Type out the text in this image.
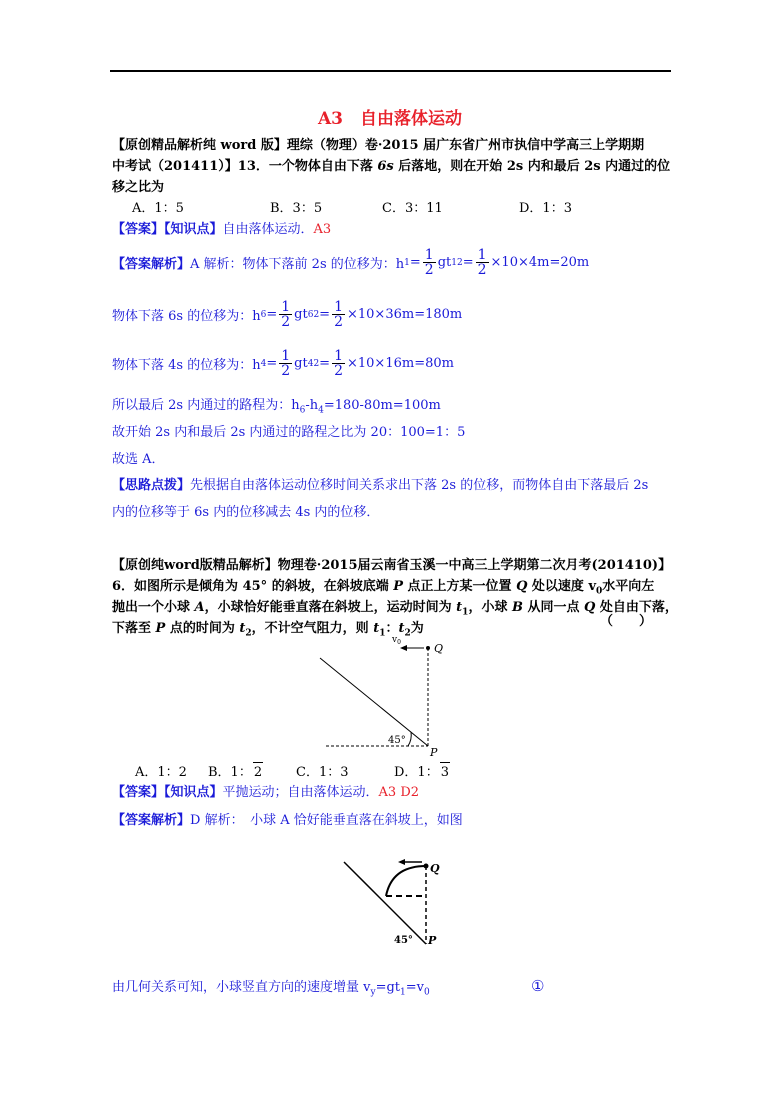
A3　自由落体运动
【原创精品解析纯 word 版】理综（物理）卷·2015 届广东省广州市执信中学高三上学期期
中考试（201411）】13．一个物体自由下落 6s 后落地，则在开始 2s 内和最后 2s 内通过的位
移之比为
A．1：5	B．3：5	C．3：11	D．1：3
【答案】【知识点】自由落体运动．A3
【答案解析】 A 解析：物体下落前 2s 的位移为：h $1 = \frac{1}{2}$ gt 1 $2 = \frac{1}{2} \times 10\times 4m=20m$
物体下落 6s 的位移为：h $6 = \frac{1}{2}$ gt 6 $2 = \frac{1}{2} \times 10\times 36m=180m$
物体下落 4s 的位移为：h $4 = \frac{1}{2}$ gt 4 $2 = \frac{1}{2} \times 10\times 16m=80m$
所以最后 2s 内通过的路程为：$h_6-h_4=180-80m=100m$
故开始 2s 内和最后 2s 内通过的路程之比为 20：100=1：5
故选 A．
【思路点拨】先根据自由落体运动位移时间关系求出下落 2s 的位移，而物体自由下落最后 2s
内的位移等于 6s 内的位移减去 4s 内的位移．
【原创纯word版精品解析】物理卷·2015届云南省玉溪一中高三上学期第二次月考(201410)】
6．如图所示是倾角为 45° 的斜坡，在斜坡底端 P 点正上方某一位置 Q 处以速度 $v_0$水平向左
抛出一个小球 A，小球恰好能垂直落在斜坡上，运动时间为 $t_1$，小球 B 从同一点 Q 处自由下落，
下落至 P 点的时间为 $t_2$，不计空气阻力，则 $t_1$：$t_2$为	（　　）
$v_0$	Q
P
45°
A．1：2 B．1： 2	C．1：3	D．1： 3
【答案】【知识点】平抛运动；自由落体运动．A3 D2
【答案解析】D 解析：　小球 A 恰好能垂直落在斜坡上，如图
Q
P
45°
由几何关系可知，小球竖直方向的速度增量 $v_y=gt_1=v_0$	①
